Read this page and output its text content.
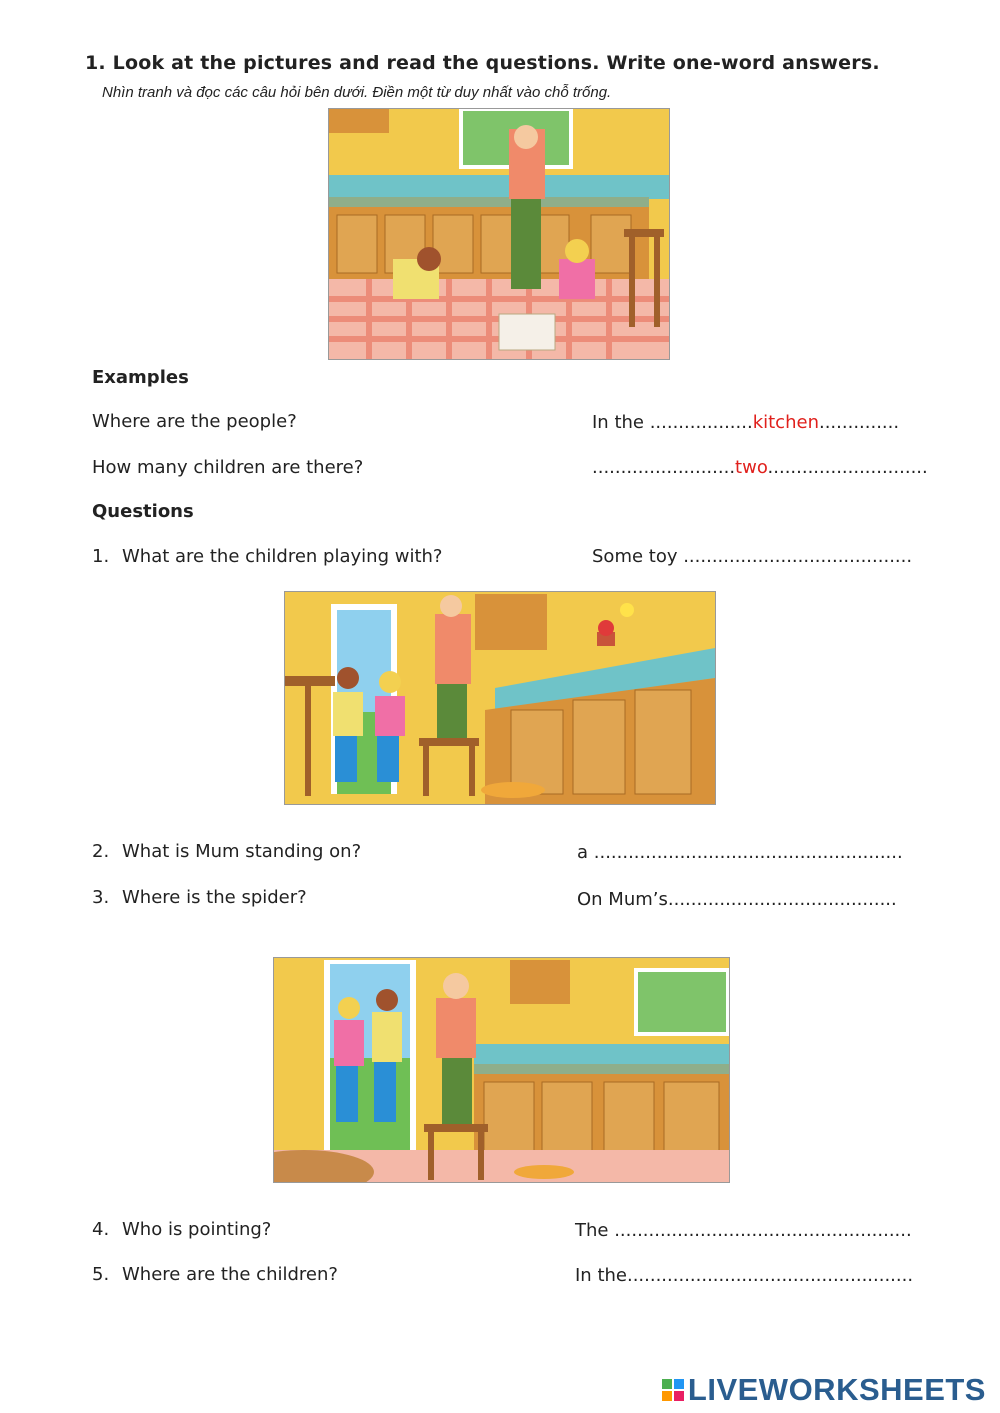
1. Look at the pictures and read the questions. Write one-word answers.
Nhìn tranh và đọc các câu hỏi bên dưới. Điền một từ duy nhất vào chỗ trống.
Examples
Where are the people?	In the ..................kitchen..............
How many children are there?	.........................two............................
Questions
1. What are the children playing with?	Some toy ........................................
2. What is Mum standing on?	a ......................................................
3. Where is the spider?	On Mum’s........................................
4. Who is pointing?	The ....................................................
5. Where are the children?	In the..................................................
LIVEWORKSHEETS
